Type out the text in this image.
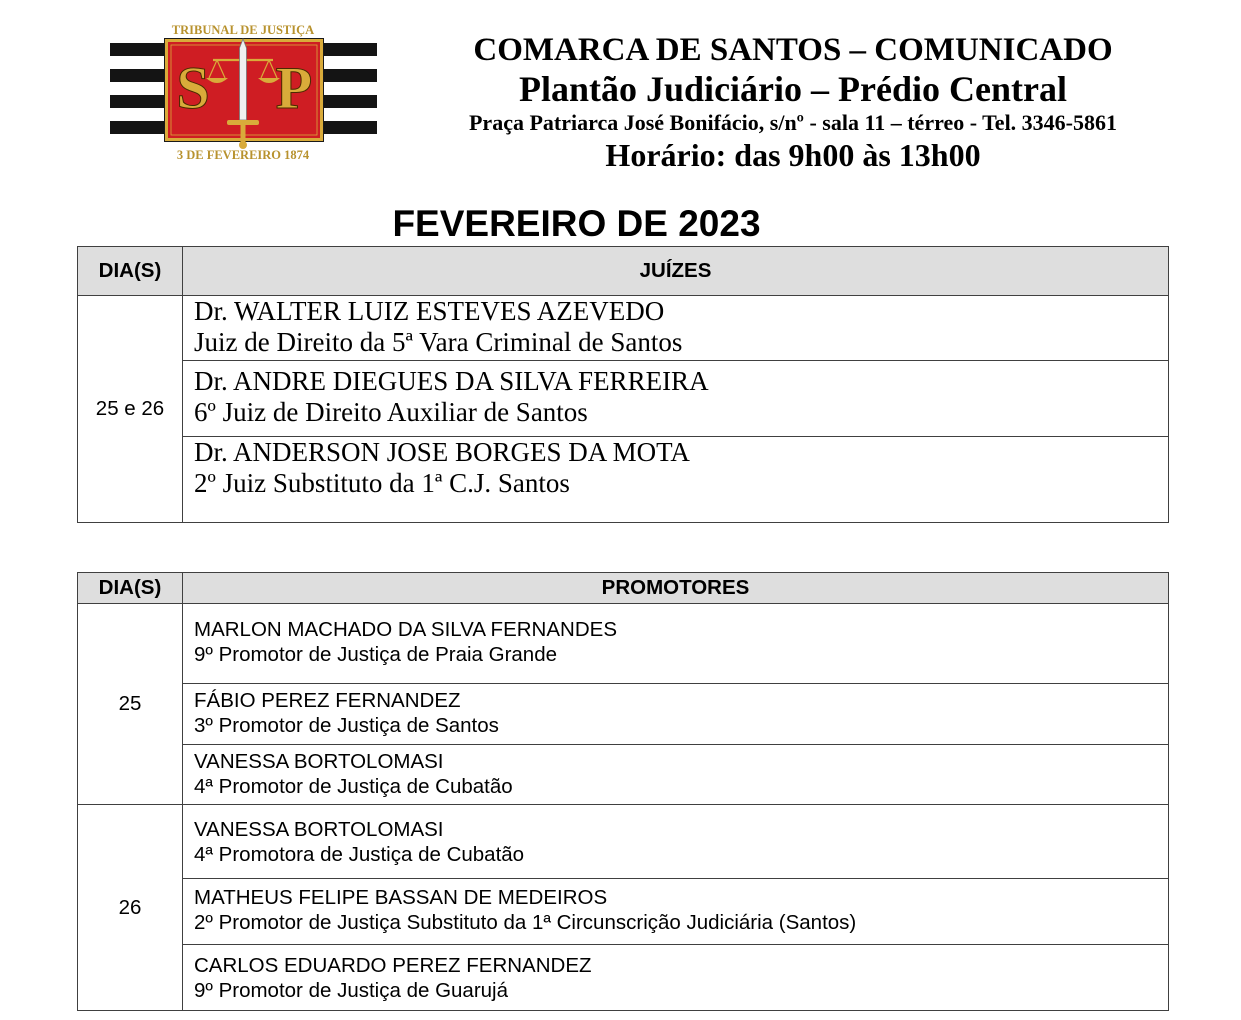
S P
TRIBUNAL DE JUSTIÇA
3 DE FEVEREIRO 1874
COMARCA DE SANTOS – COMUNICADO
Plantão Judiciário – Prédio Central
Praça Patriarca José Bonifácio, s/nº - sala 11 – térreo - Tel. 3346-5861
Horário: das 9h00 às 13h00
FEVEREIRO DE 2023
DIA(S)	JUÍZES
25 e 26
Dr. WALTER LUIZ ESTEVES AZEVEDO
Juiz de Direito da 5ª Vara Criminal de Santos
Dr. ANDRE DIEGUES DA SILVA FERREIRA
6º Juiz de Direito Auxiliar de Santos
Dr. ANDERSON JOSE BORGES DA MOTA
2º Juiz Substituto da 1ª C.J. Santos
DIA(S)	PROMOTORES
25
MARLON MACHADO DA SILVA FERNANDES
9º Promotor de Justiça de Praia Grande
FÁBIO PEREZ FERNANDEZ
3º Promotor de Justiça de Santos
VANESSA BORTOLOMASI
4ª Promotor de Justiça de Cubatão
26
VANESSA BORTOLOMASI
4ª Promotora de Justiça de Cubatão
MATHEUS FELIPE BASSAN DE MEDEIROS
2º Promotor de Justiça Substituto da 1ª Circunscrição Judiciária (Santos)
CARLOS EDUARDO PEREZ FERNANDEZ
9º Promotor de Justiça de Guarujá
